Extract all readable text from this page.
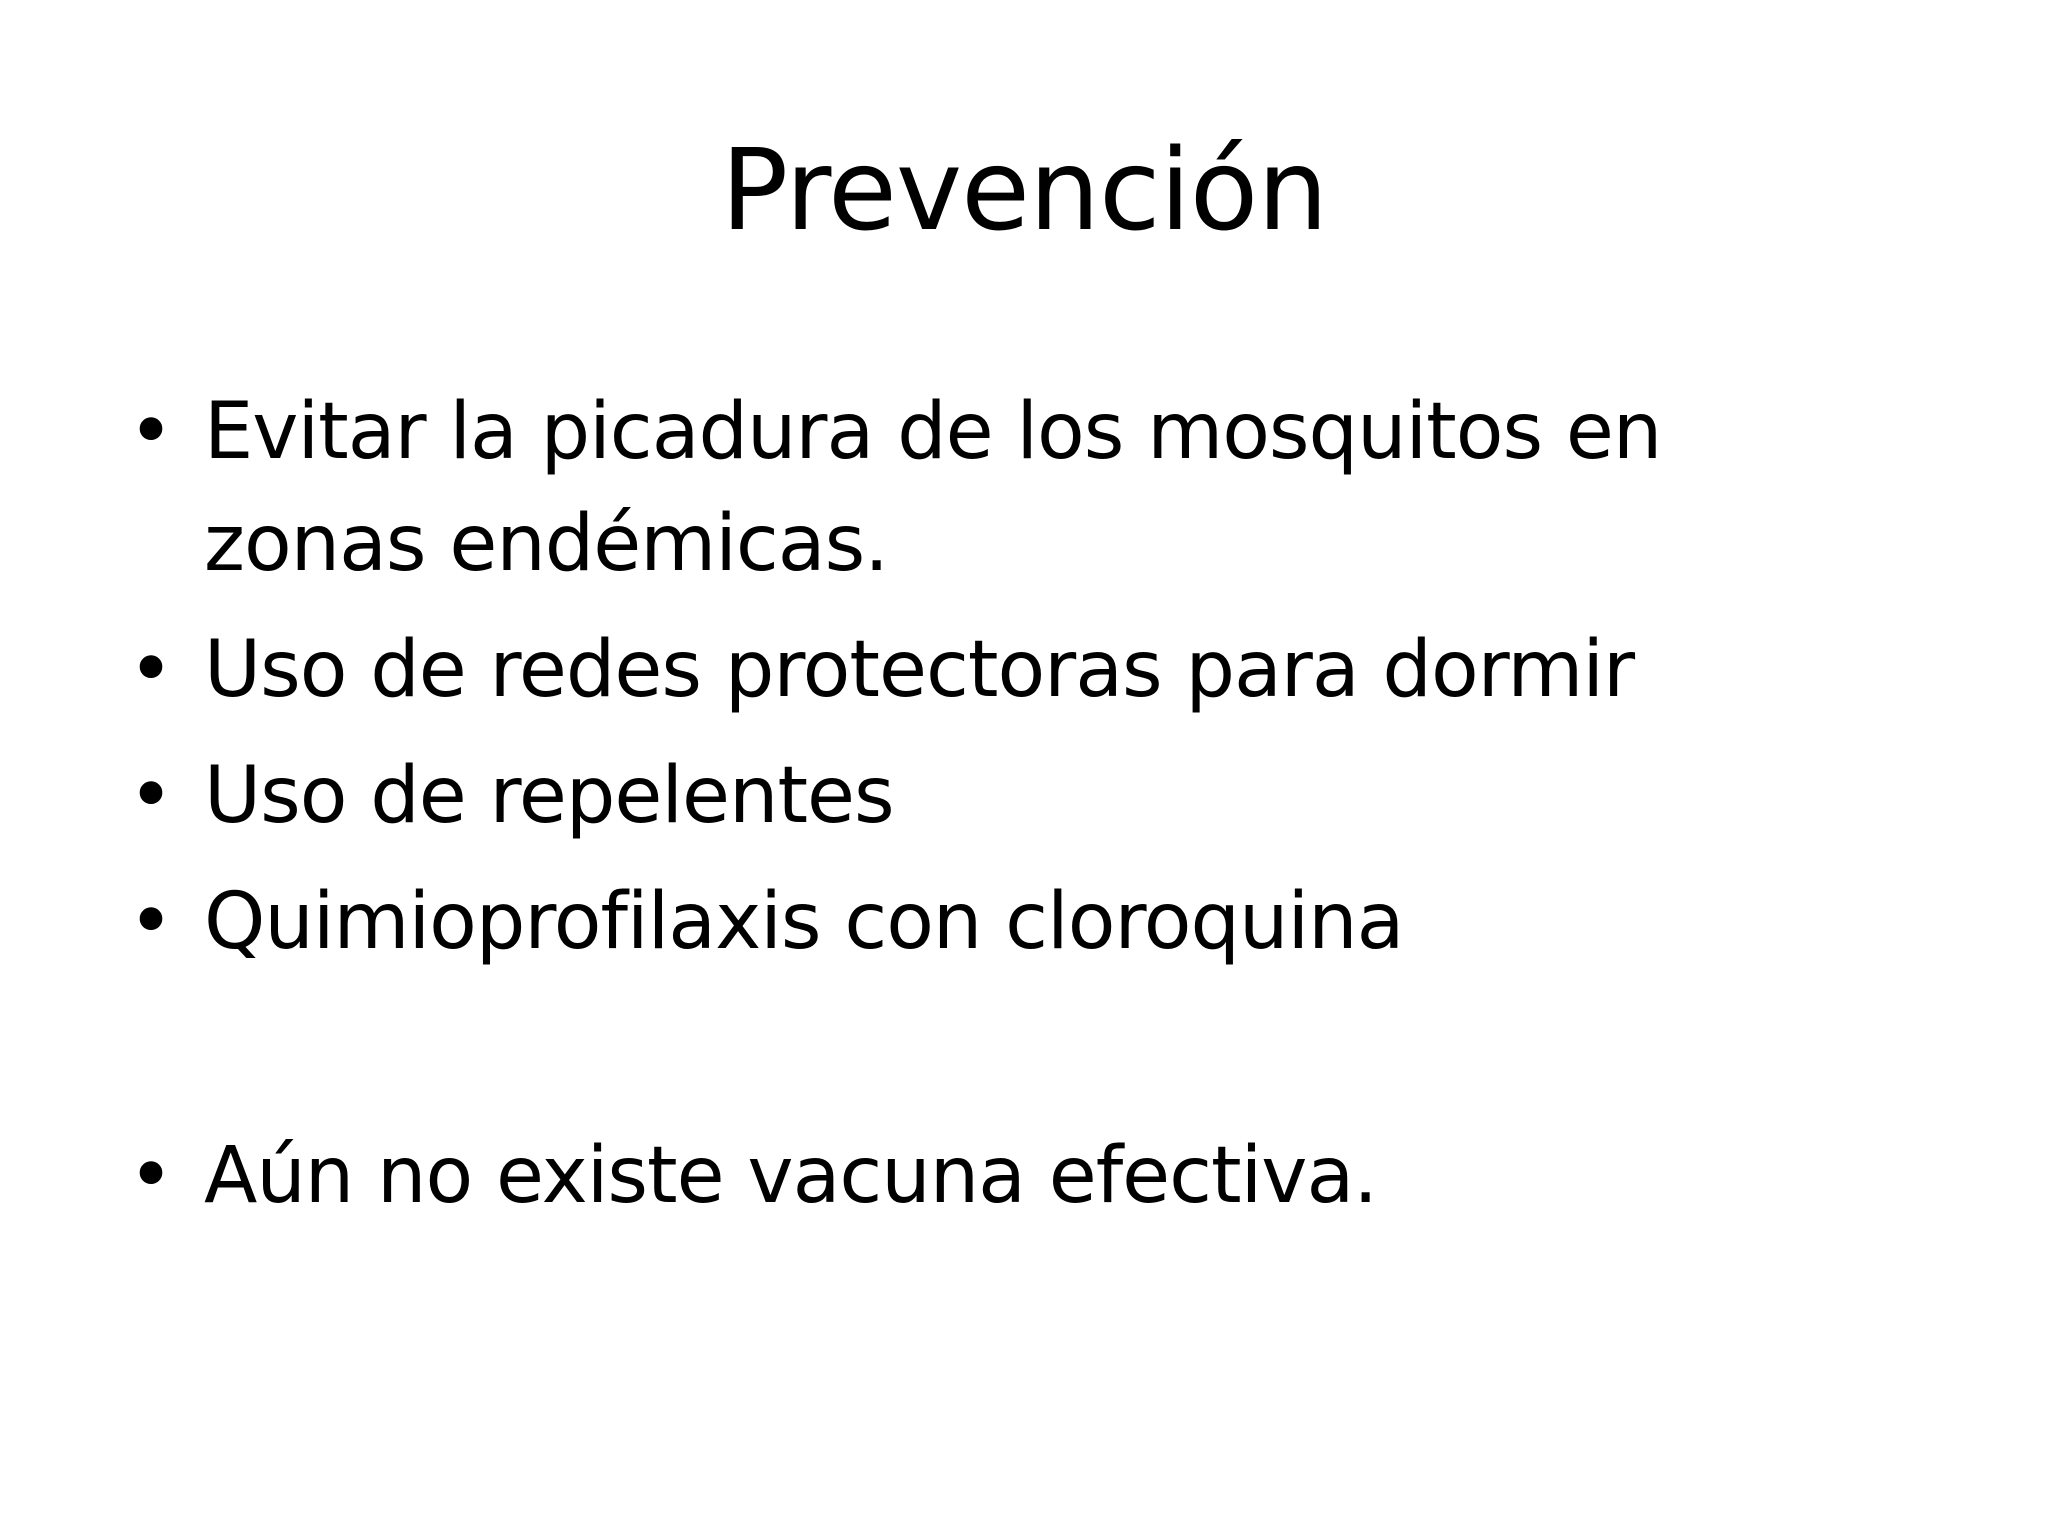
Prevención
• Evitar la picadura de los mosquitos en zonas endémicas.
• Uso de redes protectoras para dormir
• Uso de repelentes
• Quimioprofilaxis con cloroquina
• Aún no existe vacuna efectiva.
